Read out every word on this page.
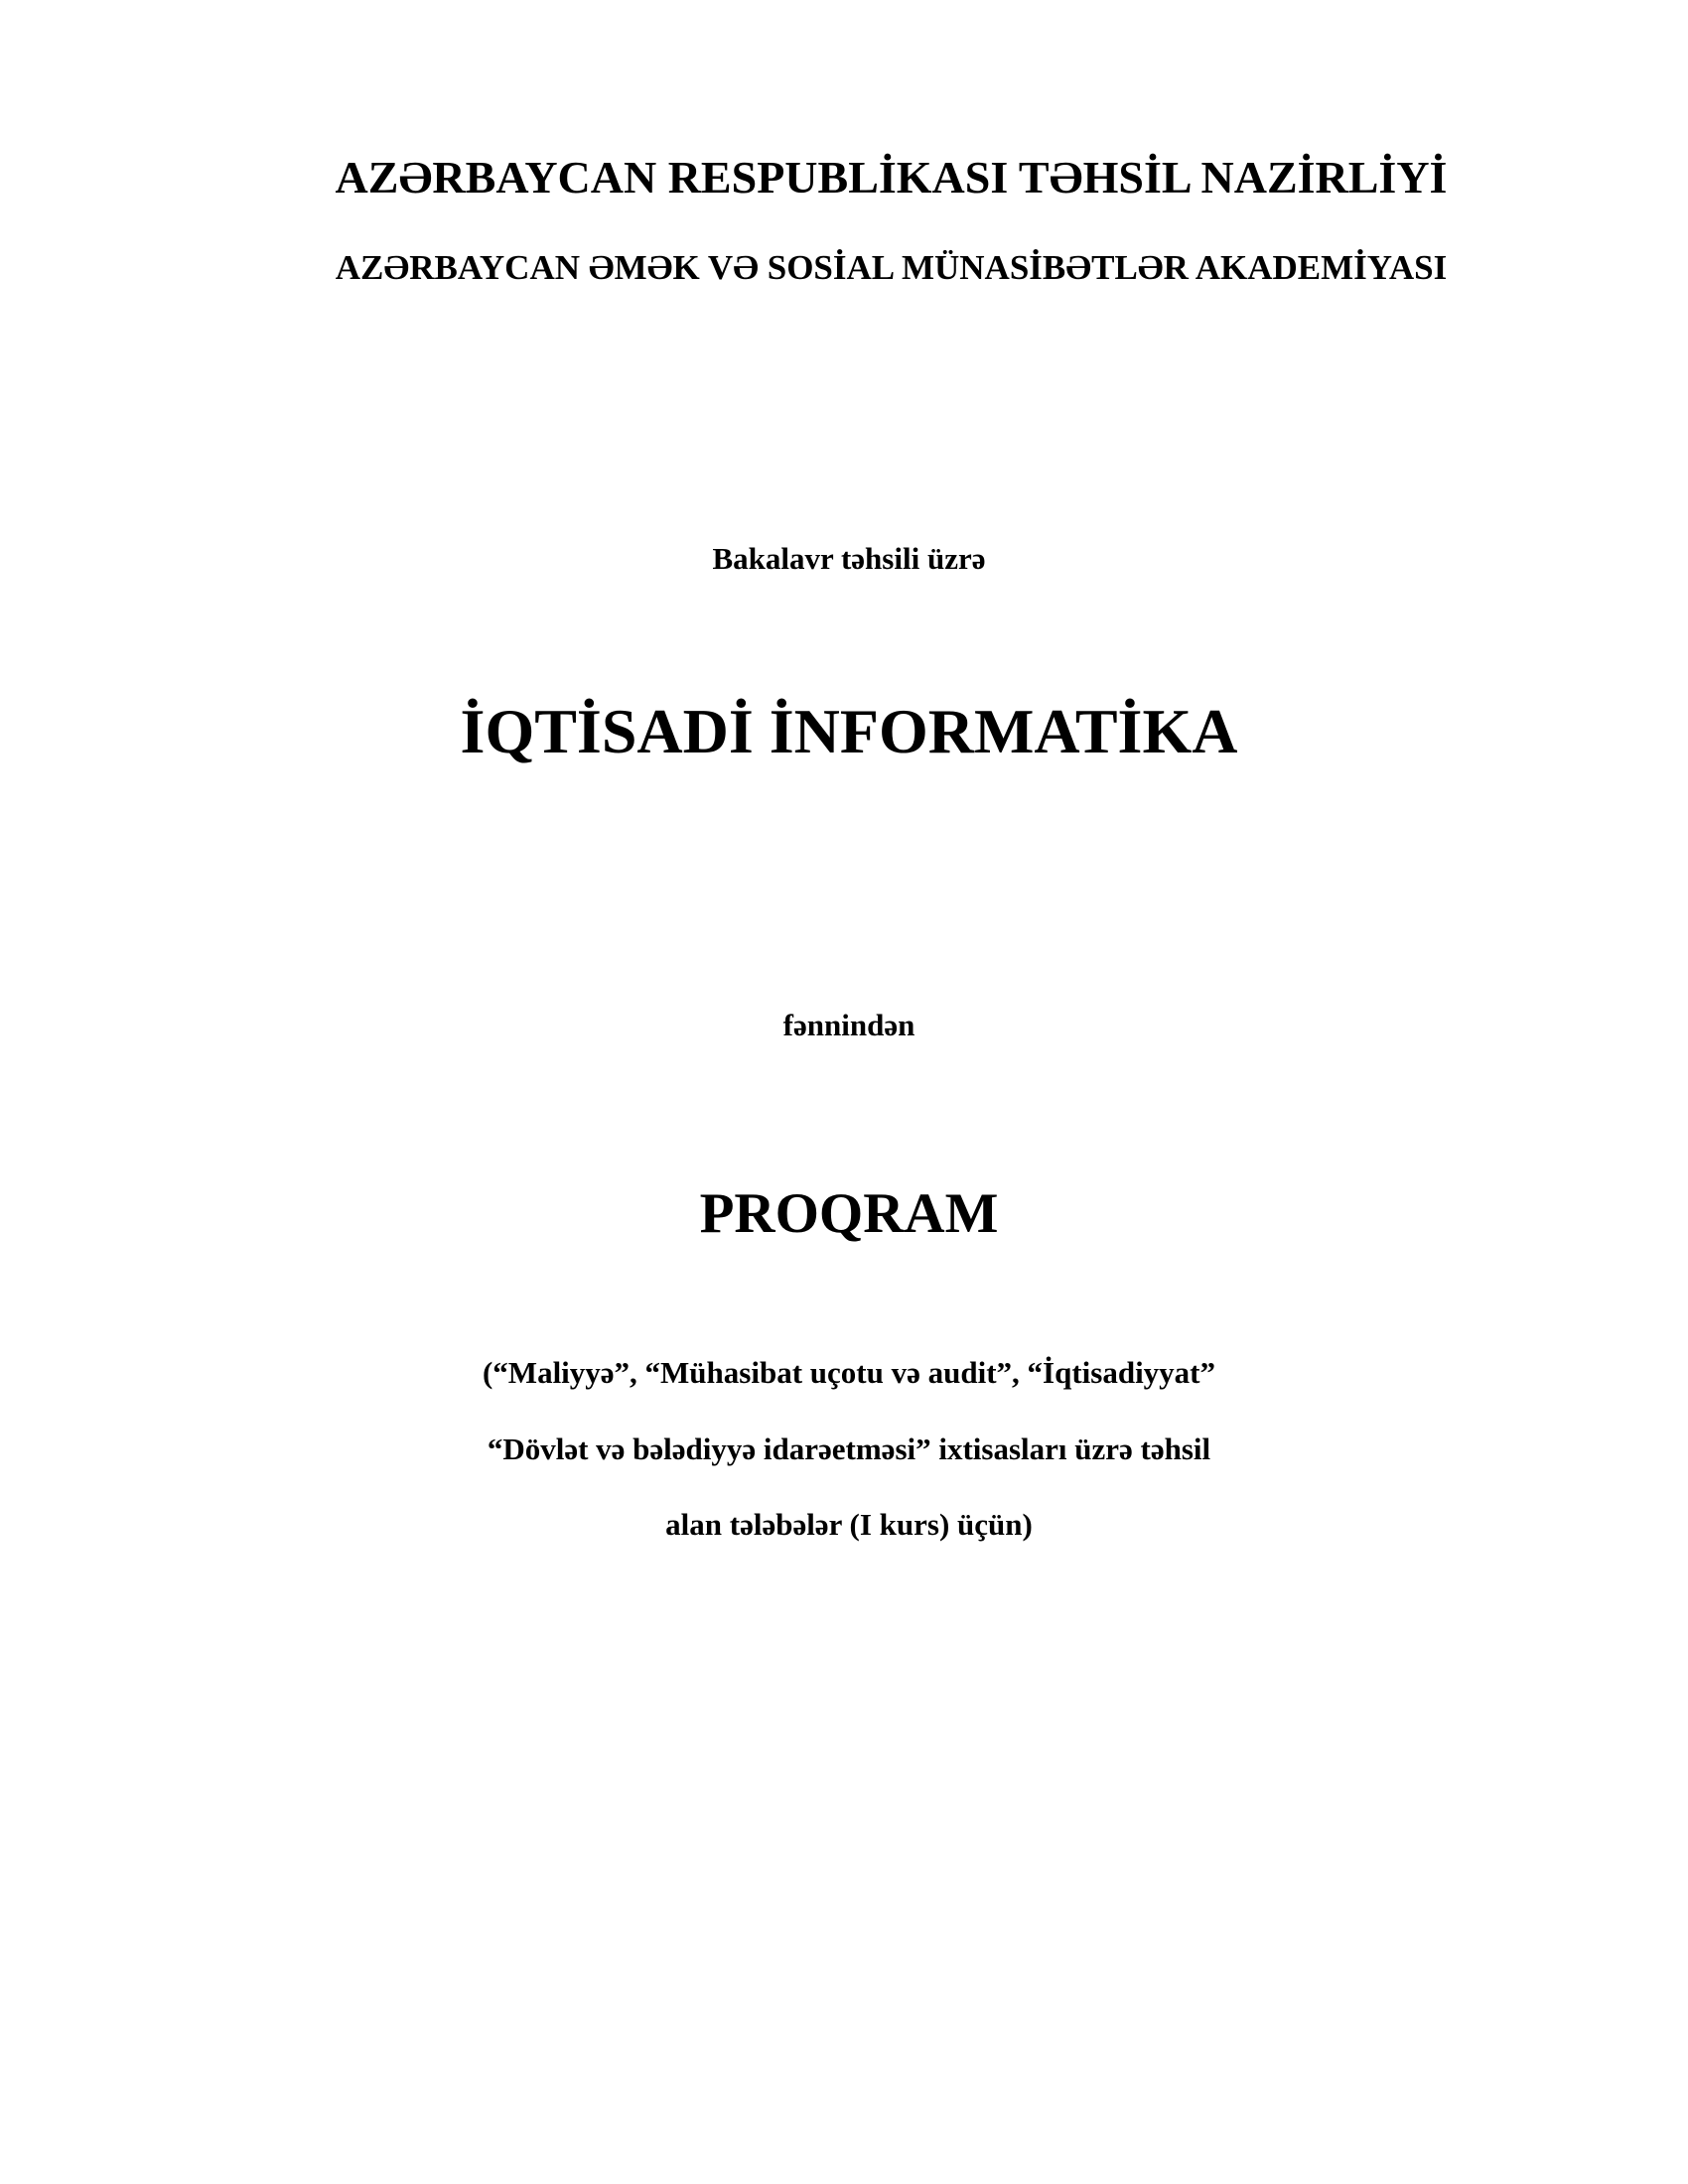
AZƏRBAYCAN RESPUBLİKASI TƏHSİL NAZİRLİYİ

AZƏRBAYCAN ƏMƏK VƏ SOSİAL MÜNASİBƏTLƏR AKADEMİYASI

Bakalavr təhsili üzrə

İQTİSADİ İNFORMATİKA

fənnindən

PROQRAM

(“Maliyyə”, “Mühasibat uçotu və audit”, “İqtisadiyyat”

“Dövlət və bələdiyyə idarəetməsi” ixtisasları üzrə təhsil

alan tələbələr (I kurs) üçün)
